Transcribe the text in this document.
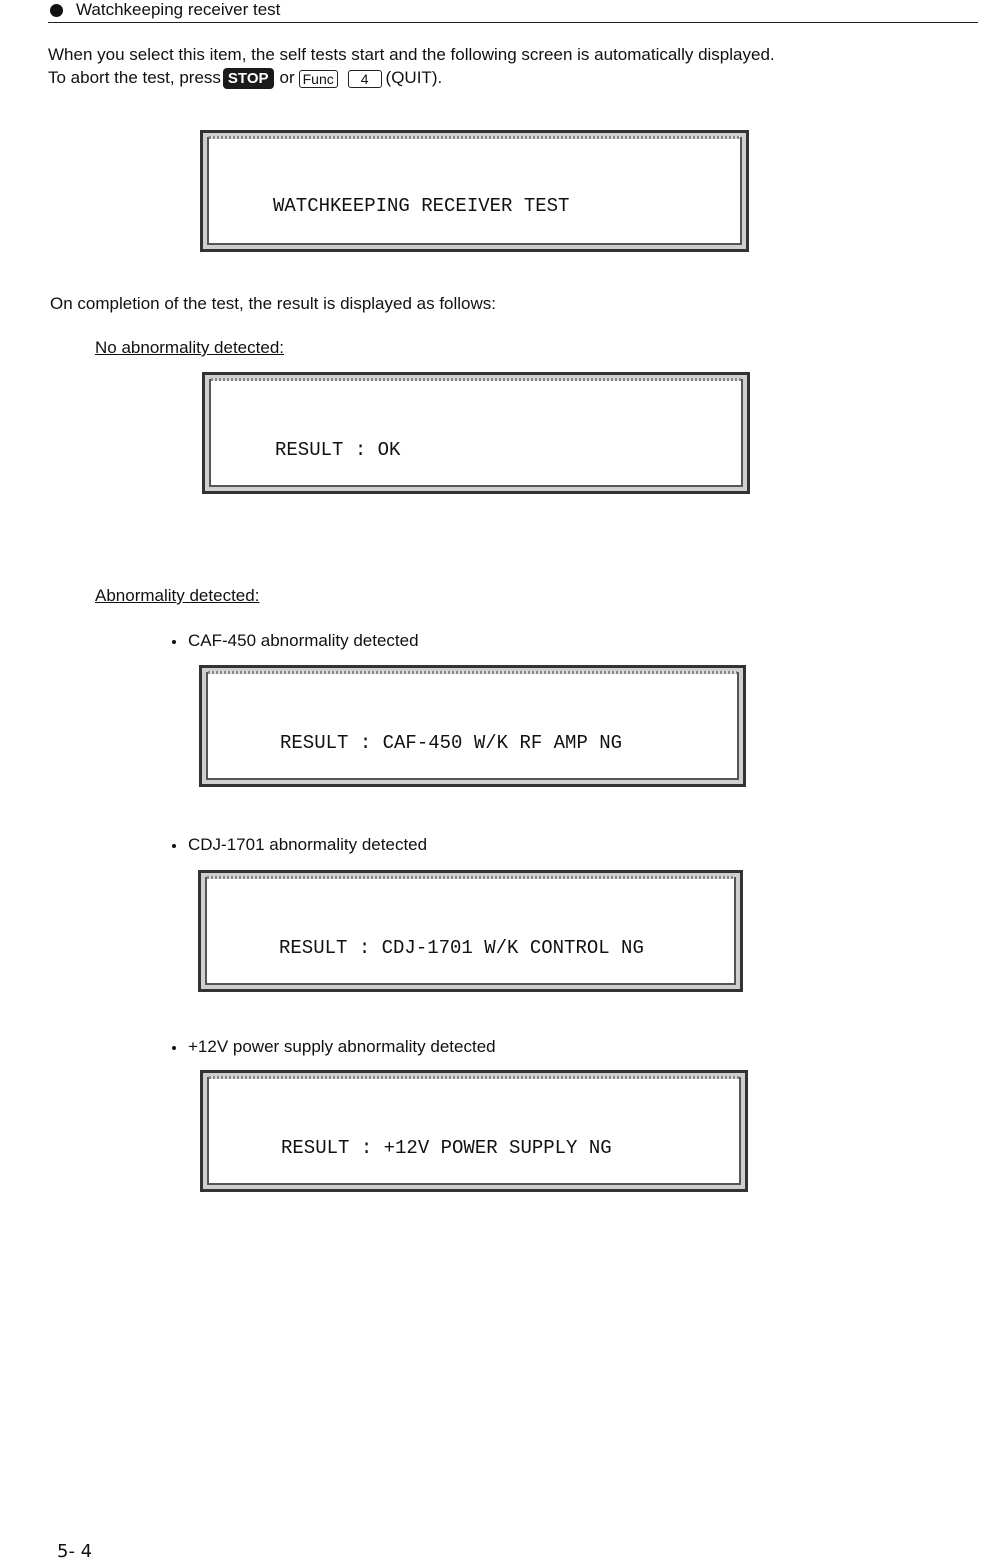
Watchkeeping receiver test
When you select this item, the self tests start and the following screen is automatically displayed.
To abort the test, press STOP or Func 4 (QUIT).
WATCHKEEPING RECEIVER TEST
On completion of the test, the result is displayed as follows:
No abnormality detected:
RESULT : OK
Abnormality detected:
CAF-450 abnormality detected
RESULT : CAF-450 W/K RF AMP NG
CDJ-1701 abnormality detected
RESULT : CDJ-1701 W/K CONTROL NG
+12V power supply abnormality detected
RESULT : +12V POWER SUPPLY NG
5- 4
